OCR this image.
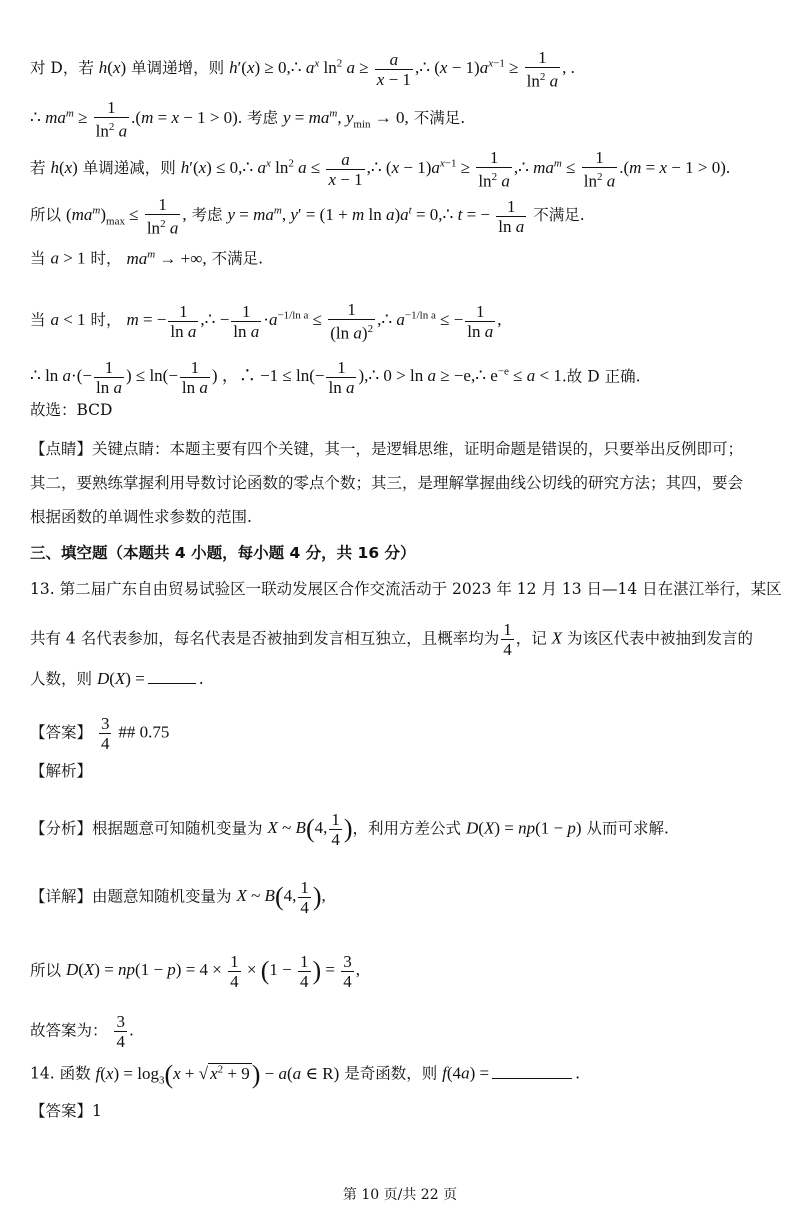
对 D，若 h(x) 单调递增，则 h′(x) ≥ 0,∴ $a^x$ $\ln^2 a \ge \frac{a}{x - 1}$ ,∴ $(x - 1)a^{x-1} \ge \frac{1}{\ln^2 a}$ , .
∴ $ma^m \ge \frac{1}{\ln^2 a} .(m = x - 1 > 0)$. 考虑 $y = ma^m$, $y_{min} \to 0$, 不满足.
若 h(x) 单调递减，则 h′(x) ≤ 0,∴ $a^x$ $\ln^2 a \le \frac{a}{x - 1}$ ,∴ $(x - 1)a^{x-1} \ge \frac{1}{\ln^2 a}$ ,∴ $ma^m \le \frac{1}{\ln^2 a} .(m = x - 1 > 0)$.
所以 $(ma^m)_{max} \le \frac{1}{\ln^2 a}$ , 考虑 $y = ma^m$, y′ = (1 + m $\ln a)a^t$ = 0,∴ t = − $\frac{1}{\text{ln a}}$ 不满足.
当 a > 1 时， $ma^m$ → +∞, 不满足.
当 a < 1 时， m = − $\frac{1}{\text{ln a}}$ ,∴ − $\frac{1}{\text{ln a}} \cdot a^{-1/ln a} \le \frac{1}{(\ln a)^2}$ ,∴ $a^{-1/ln a}$ ≤ − $\frac{1}{\text{ln a}}$ ,
∴ $\ln a\cdot(- \frac{1}{\text{ln a}}$ ) ≤ $\ln(- \frac{1}{\text{ln a}}$ ) ，∴ $-1 \le \ln(- \frac{1}{\text{ln a}}$ ),∴ 0 > ln a ≥ −e,∴ $e^{-e} \le a < 1$.故 D 正确.
故选：BCD
【点睛】关键点睛：本题主要有四个关键，其一，是逻辑思维，证明命题是错误的，只要举出反例即可；
其二，要熟练掌握利用导数讨论函数的零点个数；其三，是理解掌握曲线公切线的研究方法；其四，要会
根据函数的单调性求参数的范围.
三、填空题（本题共 4 小题，每小题 4 分，共 16 分）
13. 第二届广东自由贸易试验区一联动发展区合作交流活动于 2023 年 12 月 13 日—14 日在湛江举行，某区
共有 4 名代表参加，每名代表是否被抽到发言相互独立，且概率均为 $\frac{1}{4}$ ，记 X 为该区代表中被抽到发言的
人数，则 D(X) =	.
【答案】 $\frac{3}{4}$ ## 0.75
【解析】
【分析】根据题意可知随机变量为 X ~ B(4, $\frac{1}{4}$ )，利用方差公式 D(X) = np(1 − p) 从而可求解.
【详解】由题意知随机变量为 X ~ B(4, $\frac{1}{4}$ ),
所以 $D(X) = np(1 - p) = 4 \times \frac{1}{4} \times (1 - \frac{1}{4}$ ) = $\frac{3}{4}$ ,
故答案为： $\frac{3}{4}$ .
14. 函数 $f(x) = \log_3(x$ + √ $x^2 + 9) - a(a$ ∈ R) 是奇函数，则 f(4a) =	.
【答案】1
第 10 页/共 22 页
